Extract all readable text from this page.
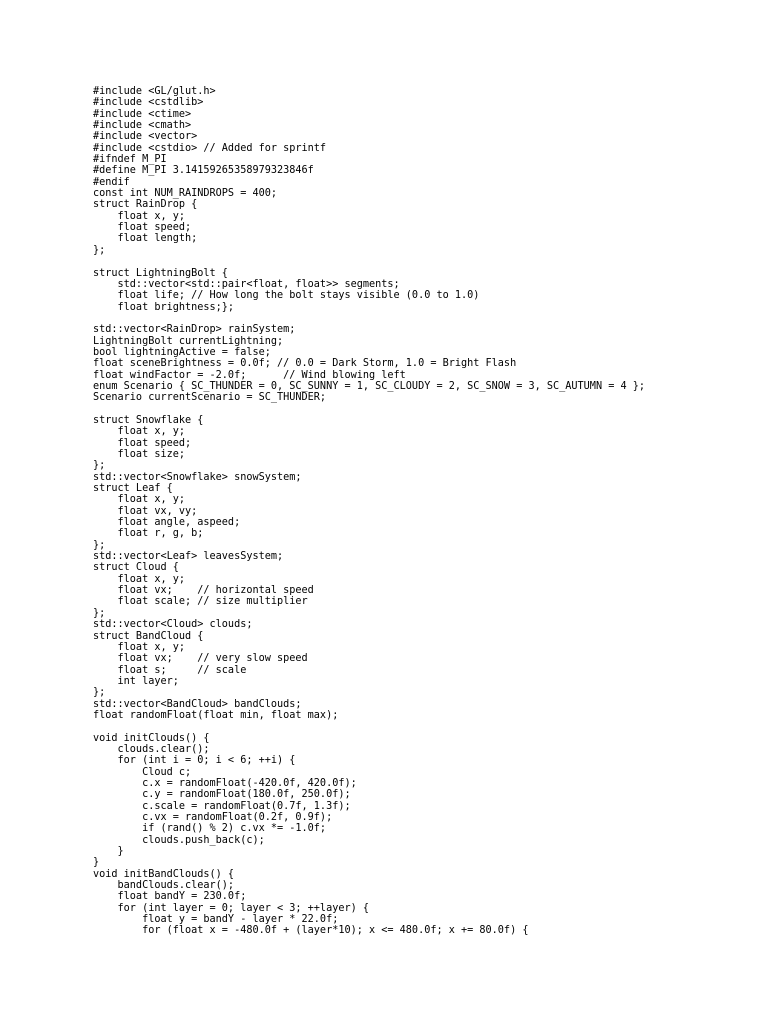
#include <GL/glut.h>
#include <cstdlib>
#include <ctime>
#include <cmath>
#include <vector>
#include <cstdio> // Added for sprintf
#ifndef M_PI
#define M_PI 3.14159265358979323846f
#endif
const int NUM_RAINDROPS = 400;
struct RainDrop {
float x, y;
float speed;
float length;
};
struct LightningBolt {
std::vector<std::pair<float, float>> segments;
float life; // How long the bolt stays visible (0.0 to 1.0)
float brightness;};
std::vector<RainDrop> rainSystem;
LightningBolt currentLightning;
bool lightningActive = false;
float sceneBrightness = 0.0f; // 0.0 = Dark Storm, 1.0 = Bright Flash
float windFactor = -2.0f;      // Wind blowing left
enum Scenario { SC_THUNDER = 0, SC_SUNNY = 1, SC_CLOUDY = 2, SC_SNOW = 3, SC_AUTUMN = 4 };
Scenario currentScenario = SC_THUNDER;
struct Snowflake {
float x, y;
float speed;
float size;
};
std::vector<Snowflake> snowSystem;
struct Leaf {
float x, y;
float vx, vy;
float angle, aspeed;
float r, g, b;
};
std::vector<Leaf> leavesSystem;
struct Cloud {
float x, y;
float vx;    // horizontal speed
float scale; // size multiplier
};
std::vector<Cloud> clouds;
struct BandCloud {
float x, y;
float vx;    // very slow speed
float s;     // scale
int layer;
};
std::vector<BandCloud> bandClouds;
float randomFloat(float min, float max);
void initClouds() {
clouds.clear();
for (int i = 0; i < 6; ++i) {
Cloud c;
c.x = randomFloat(-420.0f, 420.0f);
c.y = randomFloat(180.0f, 250.0f);
c.scale = randomFloat(0.7f, 1.3f);
c.vx = randomFloat(0.2f, 0.9f);
if (rand() % 2) c.vx *= -1.0f;
clouds.push_back(c);
}
}
void initBandClouds() {
bandClouds.clear();
float bandY = 230.0f;
for (int layer = 0; layer < 3; ++layer) {
float y = bandY - layer * 22.0f;
for (float x = -480.0f + (layer*10); x <= 480.0f; x += 80.0f) {
